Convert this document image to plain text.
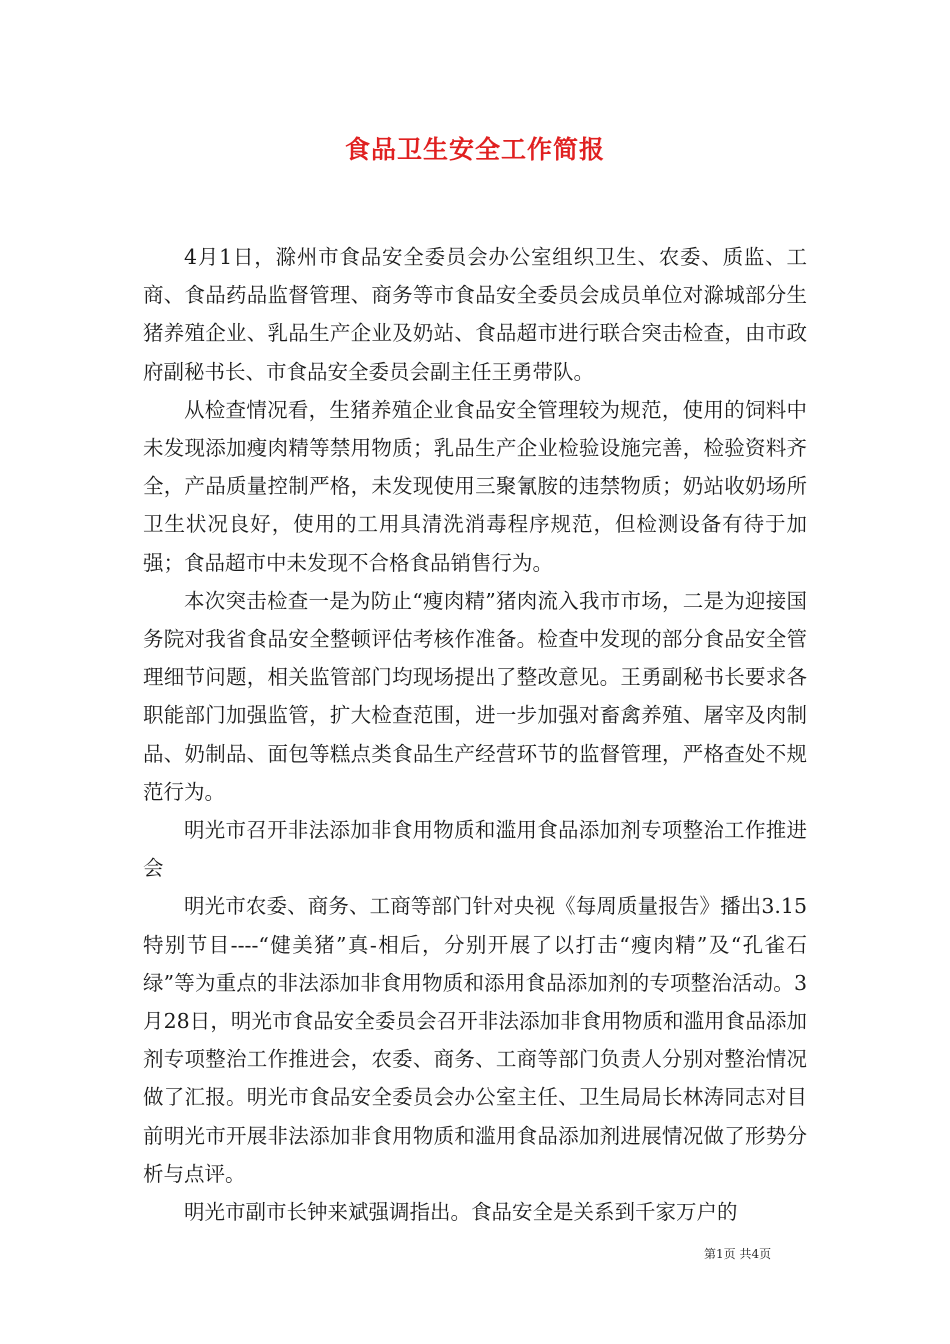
食品卫生安全工作简报

4月1日，滁州市食品安全委员会办公室组织卫生、农委、质监、工商、食品药品监督管理、商务等市食品安全委员会成员单位对滁城部分生猪养殖企业、乳品生产企业及奶站、食品超市进行联合突击检查，由市政府副秘书长、市食品安全委员会副主任王勇带队。

从检查情况看，生猪养殖企业食品安全管理较为规范，使用的饲料中未发现添加瘦肉精等禁用物质；乳品生产企业检验设施完善，检验资料齐全，产品质量控制严格，未发现使用三聚氰胺的违禁物质；奶站收奶场所卫生状况良好，使用的工用具清洗消毒程序规范，但检测设备有待于加强；食品超市中未发现不合格食品销售行为。

本次突击检查一是为防止“瘦肉精”猪肉流入我市市场，二是为迎接国务院对我省食品安全整顿评估考核作准备。检查中发现的部分食品安全管理细节问题，相关监管部门均现场提出了整改意见。王勇副秘书长要求各职能部门加强监管，扩大检查范围，进一步加强对畜禽养殖、屠宰及肉制品、奶制品、面包等糕点类食品生产经营环节的监督管理，严格查处不规范行为。

明光市召开非法添加非食用物质和滥用食品添加剂专项整治工作推进会

明光市农委、商务、工商等部门针对央视《每周质量报告》播出3.15特别节目----“健美猪”真-相后，分别开展了以打击“瘦肉精”及“孔雀石绿”等为重点的非法添加非食用物质和添用食品添加剂的专项整治活动。3月28日，明光市食品安全委员会召开非法添加非食用物质和滥用食品添加剂专项整治工作推进会，农委、商务、工商等部门负责人分别对整治情况做了汇报。明光市食品安全委员会办公室主任、卫生局局长林涛同志对目前明光市开展非法添加非食用物质和滥用食品添加剂进展情况做了形势分析与点评。

明光市副市长钟来斌强调指出。食品安全是关系到千家万户的

第1页 共4页
